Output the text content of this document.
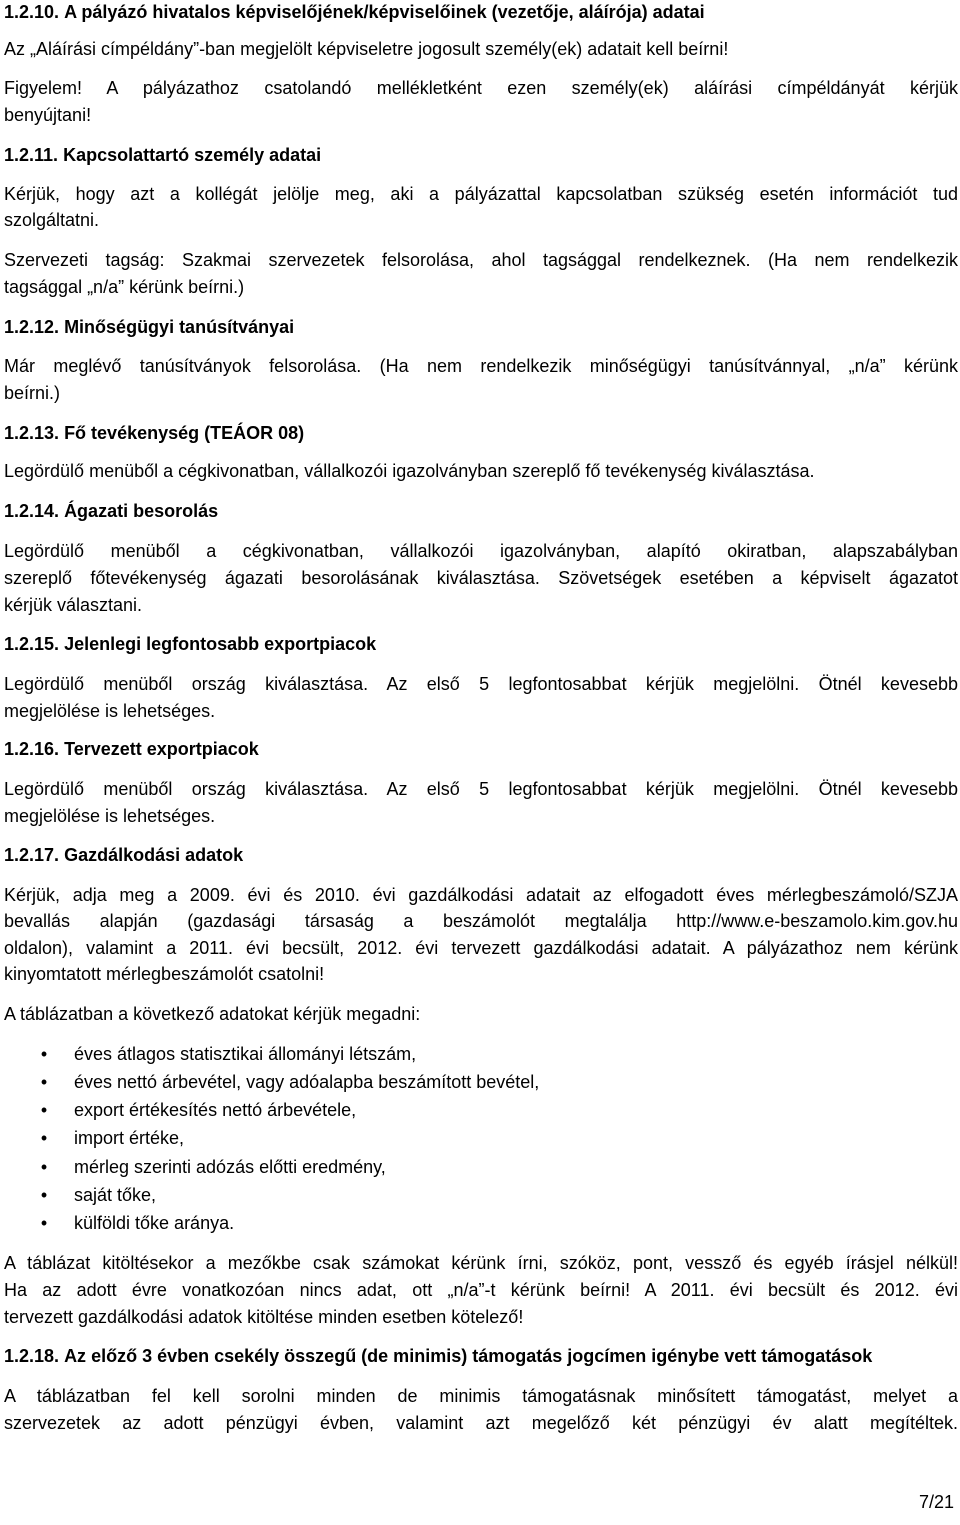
1.2.10. A pályázó hivatalos képviselőjének/képviselőinek (vezetője, aláírója) adatai
Az „Aláírási címpéldány”-ban megjelölt képviseletre jogosult személy(ek) adatait kell beírni!
Figyelem! A pályázathoz csatolandó mellékletként ezen személy(ek) aláírási címpéldányát kérjük
benyújtani!
1.2.11. Kapcsolattartó személy adatai
Kérjük, hogy azt a kollégát jelölje meg, aki a pályázattal kapcsolatban szükség esetén információt tud
szolgáltatni.
Szervezeti tagság: Szakmai szervezetek felsorolása, ahol tagsággal rendelkeznek. (Ha nem rendelkezik
tagsággal „n/a” kérünk beírni.)
1.2.12. Minőségügyi tanúsítványai
Már meglévő tanúsítványok felsorolása. (Ha nem rendelkezik minőségügyi tanúsítvánnyal, „n/a” kérünk
beírni.)
1.2.13. Fő tevékenység (TEÁOR 08)
Legördülő menüből a cégkivonatban, vállalkozói igazolványban szereplő fő tevékenység kiválasztása.
1.2.14. Ágazati besorolás
Legördülő menüből a cégkivonatban, vállalkozói igazolványban, alapító okiratban, alapszabályban
szereplő főtevékenység ágazati besorolásának kiválasztása. Szövetségek esetében a képviselt ágazatot
kérjük választani.
1.2.15. Jelenlegi legfontosabb exportpiacok
Legördülő menüből ország kiválasztása. Az első 5 legfontosabbat kérjük megjelölni. Ötnél kevesebb
megjelölése is lehetséges.
1.2.16. Tervezett exportpiacok
Legördülő menüből ország kiválasztása. Az első 5 legfontosabbat kérjük megjelölni. Ötnél kevesebb
megjelölése is lehetséges.
1.2.17. Gazdálkodási adatok
Kérjük, adja meg a 2009. évi és 2010. évi gazdálkodási adatait az elfogadott éves mérlegbeszámoló/SZJA
bevallás alapján (gazdasági társaság a beszámolót megtalálja http://www.e-beszamolo.kim.gov.hu
oldalon), valamint a 2011. évi becsült, 2012. évi tervezett gazdálkodási adatait. A pályázathoz nem kérünk
kinyomtatott mérlegbeszámolót csatolni!
A táblázatban a következő adatokat kérjük megadni:
•	éves átlagos statisztikai állományi létszám,
•	éves nettó árbevétel, vagy adóalapba beszámított bevétel,
•	export értékesítés nettó árbevétele,
•	import értéke,
•	mérleg szerinti adózás előtti eredmény,
•	saját tőke,
•	külföldi tőke aránya.
A táblázat kitöltésekor a mezőkbe csak számokat kérünk írni, szóköz, pont, vessző és egyéb írásjel nélkül!
Ha az adott évre vonatkozóan nincs adat, ott „n/a”-t kérünk beírni! A 2011. évi becsült és 2012. évi
tervezett gazdálkodási adatok kitöltése minden esetben kötelező!
1.2.18. Az előző 3 évben csekély összegű (de minimis) támogatás jogcímen igénybe vett támogatások
A táblázatban fel kell sorolni minden de minimis támogatásnak minősített támogatást, melyet a
szervezetek az adott pénzügyi évben, valamint azt megelőző két pénzügyi év alatt megítéltek.
7/21
